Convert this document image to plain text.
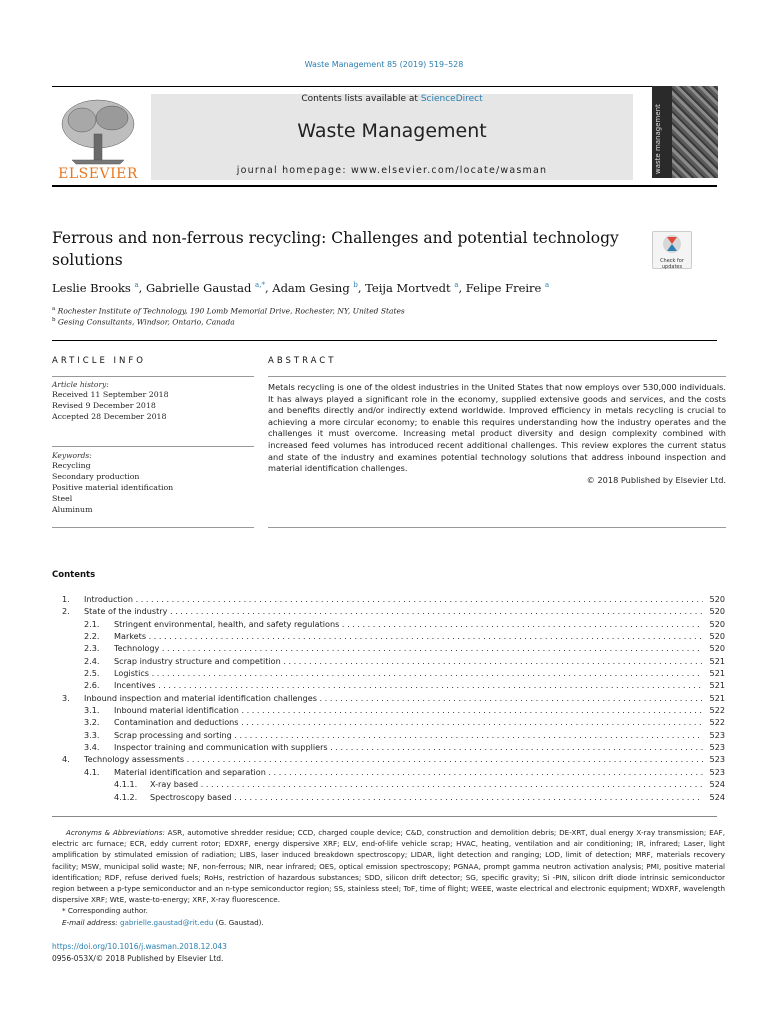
Waste Management 85 (2019) 519–528
ELSEVIER
Contents lists available at ScienceDirect
Waste Management
journal homepage: www.elsevier.com/locate/wasman	waste management
Ferrous and non-ferrous recycling: Challenges and potential technology solutions	Check for updates
Leslie Brooks $^a$, Gabrielle Gaustad $^{a,*}$, Adam Gesing $^b$, Teija Mortvedt $^a$, Felipe Freire $^a$
$^a$ Rochester Institute of Technology, 190 Lomb Memorial Drive, Rochester, NY, United States
$^b$ Gesing Consultants, Windsor, Ontario, Canada
ARTICLE INFO	ABSTRACT
Article history:
Received 11 September 2018
Revised 9 December 2018
Accepted 28 December 2018
Keywords:
Recycling
Secondary production
Positive material identification
Steel
Aluminum
Metals recycling is one of the oldest industries in the United States that now employs over 530,000 individuals. It has always played a significant role in the economy, supplied extensive goods and services, and the costs and benefits directly and/or indirectly extend worldwide. Improved efficiency in metals recycling is crucial to achieving a more circular economy; to enable this requires understanding how the industry operates and the challenges it must overcome. Increasing metal product diversity and design complexity combined with increased feed volumes has introduced recent additional challenges. This review explores the current status and state of the industry and examines potential technology solutions that address inbound inspection and material identification challenges.
© 2018 Published by Elsevier Ltd.
Contents
1. Introduction . . .	520
2. State of the industry . . .	520
2.1. Stringent environmental, health, and safety regulations . . .	520
2.2. Markets . . .	520
2.3. Technology . . .	520
2.4. Scrap industry structure and competition . . .	521
2.5. Logistics . . .	521
2.6. Incentives . . .	521
3. Inbound inspection and material identification challenges . . .	521
3.1. Inbound material identification . . .	522
3.2. Contamination and deductions . . .	522
3.3. Scrap processing and sorting . . .	523
3.4. Inspector training and communication with suppliers . . .	523
4. Technology assessments . . .	523
4.1. Material identification and separation . . .	523
4.1.1. X-ray based . . .	524
4.1.2. Spectroscopy based . . .	524
Acronyms & Abbreviations: ASR, automotive shredder residue; CCD, charged couple device; C&D, construction and demolition debris; DE-XRT, dual energy X-ray transmission; EAF, electric arc furnace; ECR, eddy current rotor; EDXRF, energy dispersive XRF; ELV, end-of-life vehicle scrap; HVAC, heating, ventilation and air conditioning; IR, infrared; Laser, light amplification by stimulated emission of radiation; LIBS, laser induced breakdown spectroscopy; LIDAR, light detection and ranging; LOD, limit of detection; MRF, materials recovery facility; MSW, municipal solid waste; NF, non-ferrous; NIR, near infrared; OES, optical emission spectroscopy; PGNAA, prompt gamma neutron activation analysis; PMI, positive material identification; RDF, refuse derived fuels; RoHs, restriction of hazardous substances; SDD, silicon drift detector; SG, specific gravity; Si -PIN, silicon drift diode intrinsic semiconductor region between a p-type semiconductor and an n-type semiconductor region; SS, stainless steel; ToF, time of flight; WEEE, waste electrical and electronic equipment; WDXRF, wavelength dispersive XRF; WtE, waste-to-energy; XRF, X-ray fluorescence.
* Corresponding author.
E-mail address: gabrielle.gaustad@rit.edu (G. Gaustad).
https://doi.org/10.1016/j.wasman.2018.12.043
0956-053X/© 2018 Published by Elsevier Ltd.
